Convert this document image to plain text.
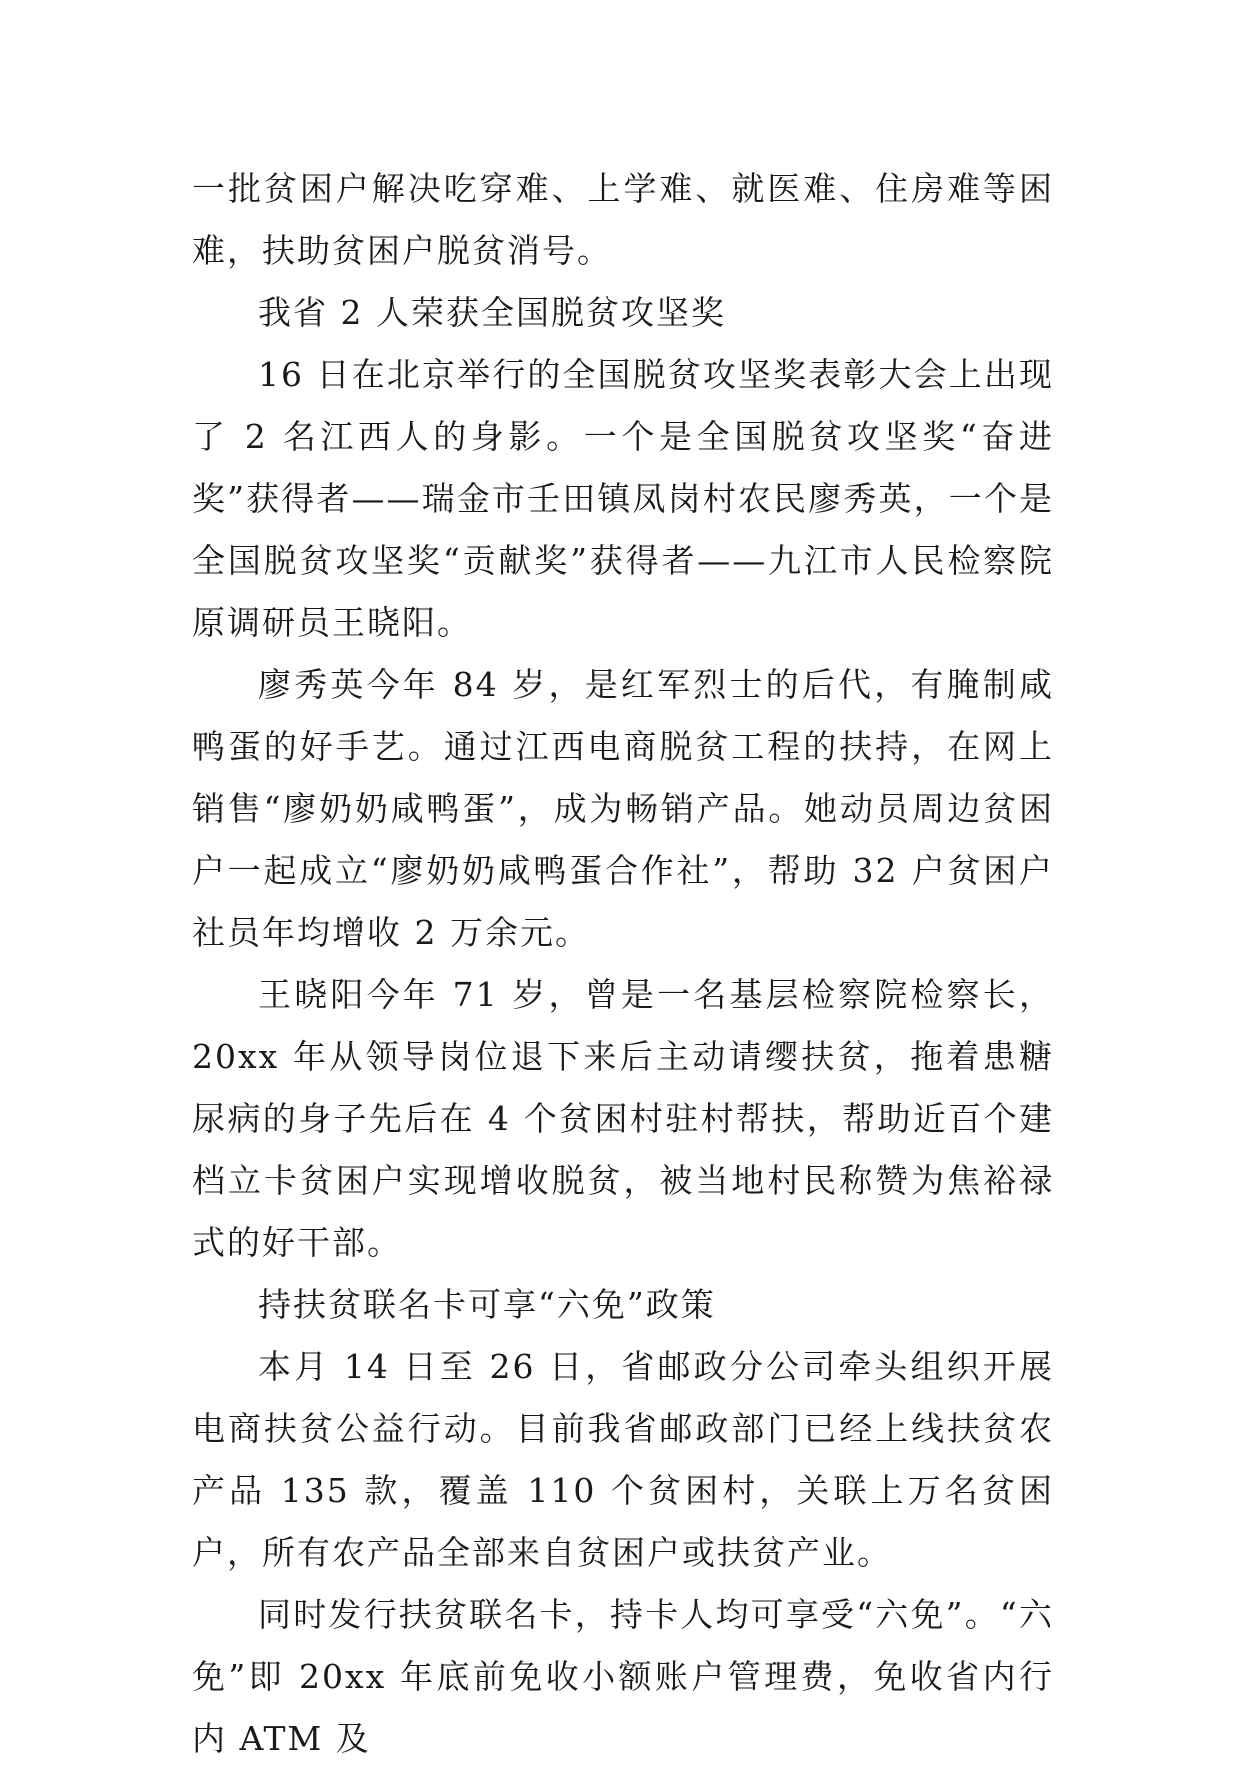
一批贫困户解决吃穿难、上学难、就医难、住房难等困难，扶助贫困户脱贫消号。

我省 2 人荣获全国脱贫攻坚奖

16 日在北京举行的全国脱贫攻坚奖表彰大会上出现了 2 名江西人的身影。一个是全国脱贫攻坚奖“奋进奖”获得者——瑞金市壬田镇凤岗村农民廖秀英，一个是全国脱贫攻坚奖“贡献奖”获得者——九江市人民检察院原调研员王晓阳。

廖秀英今年 84 岁，是红军烈士的后代，有腌制咸鸭蛋的好手艺。通过江西电商脱贫工程的扶持，在网上销售“廖奶奶咸鸭蛋”，成为畅销产品。她动员周边贫困户一起成立“廖奶奶咸鸭蛋合作社”，帮助 32 户贫困户社员年均增收 2 万余元。

王晓阳今年 71 岁，曾是一名基层检察院检察长，20xx 年从领导岗位退下来后主动请缨扶贫，拖着患糖尿病的身子先后在 4 个贫困村驻村帮扶，帮助近百个建档立卡贫困户实现增收脱贫，被当地村民称赞为焦裕禄式的好干部。

持扶贫联名卡可享“六免”政策

本月 14 日至 26 日，省邮政分公司牵头组织开展电商扶贫公益行动。目前我省邮政部门已经上线扶贫农产品 135 款，覆盖 110 个贫困村，关联上万名贫困户，所有农产品全部来自贫困户或扶贫产业。

同时发行扶贫联名卡，持卡人均可享受“六免”。“六免”即 20xx 年底前免收小额账户管理费，免收省内行内 ATM 及
